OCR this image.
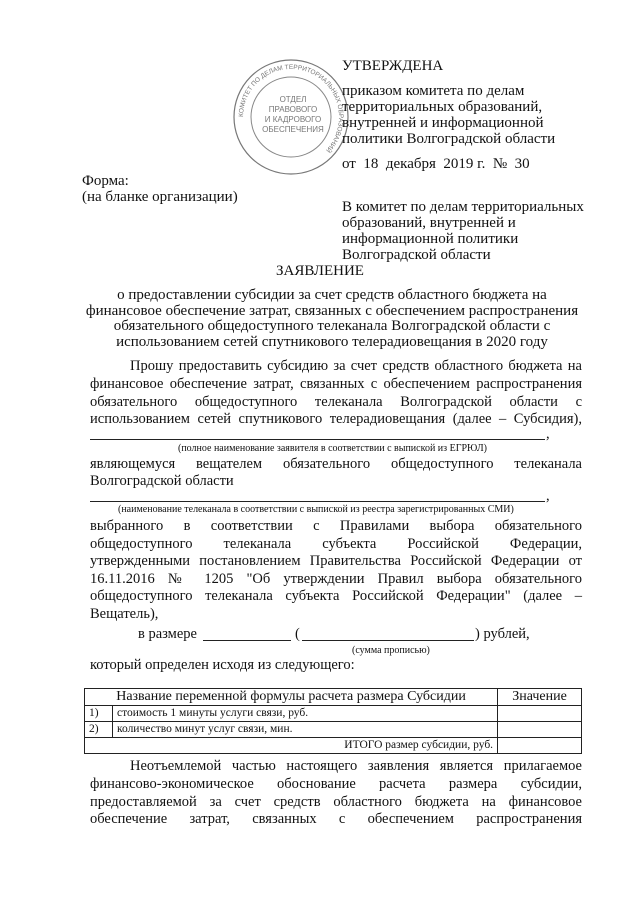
КОМИТЕТ ПО ДЕЛАМ ТЕРРИТОРИАЛЬНЫХ ОБРАЗОВАНИЙ
ОТДЕЛ
ПРАВОВОГО
И КАДРОВОГО
ОБЕСПЕЧЕНИЯ
УТВЕРЖДЕНА
приказом комитета по делам
территориальных образований,
внутренней и информационной
политики Волгоградской области
от  18  декабря  2019 г.  №  30
Форма:
(на бланке организации)
В комитет по делам территориальных
образований, внутренней и
информационной политики
Волгоградской области
ЗАЯВЛЕНИЕ
о предоставлении субсидии за счет средств областного бюджета на
финансовое обеспечение затрат, связанных с обеспечением распространения
обязательного общедоступного телеканала Волгоградской области с
использованием сетей спутникового телерадиовещания в 2020 году
Прошу предоставить субсидию за счет средств областного бюджета на
финансовое обеспечение затрат, связанных с обеспечением распространения
обязательного общедоступного телеканала Волгоградской области с
использованием сетей спутникового телерадиовещания (далее – Субсидия),
,
(полное наименование заявителя в соответствии с выпиской из ЕГРЮЛ)
являющемуся вещателем обязательного общедоступного телеканала
Волгоградской области
,
(наименование телеканала в соответствии с выпиской из реестра зарегистрированных СМИ)
выбранного в соответствии с Правилами выбора обязательного
общедоступного телеканала субъекта Российской Федерации,
утвержденными постановлением Правительства Российской Федерации от
16.11.2016 № 1205 "Об утверждении Правил выбора обязательного
общедоступного телеканала субъекта Российской Федерации" (далее –
Вещатель),
в размере	(	) рублей,
(сумма прописью)
который определен исходя из следующего:
Название переменной формулы расчета размера Субсидии		Значение
1)	стоимость 1 минуты услуги связи, руб.	
2)	количество минут услуг связи, мин.	
ИТОГО размер субсидии, руб.		
Неотъемлемой частью настоящего заявления является прилагаемое
финансово-экономическое обоснование расчета размера субсидии,
предоставляемой за счет средств областного бюджета на финансовое
обеспечение затрат, связанных с обеспечением распространения
